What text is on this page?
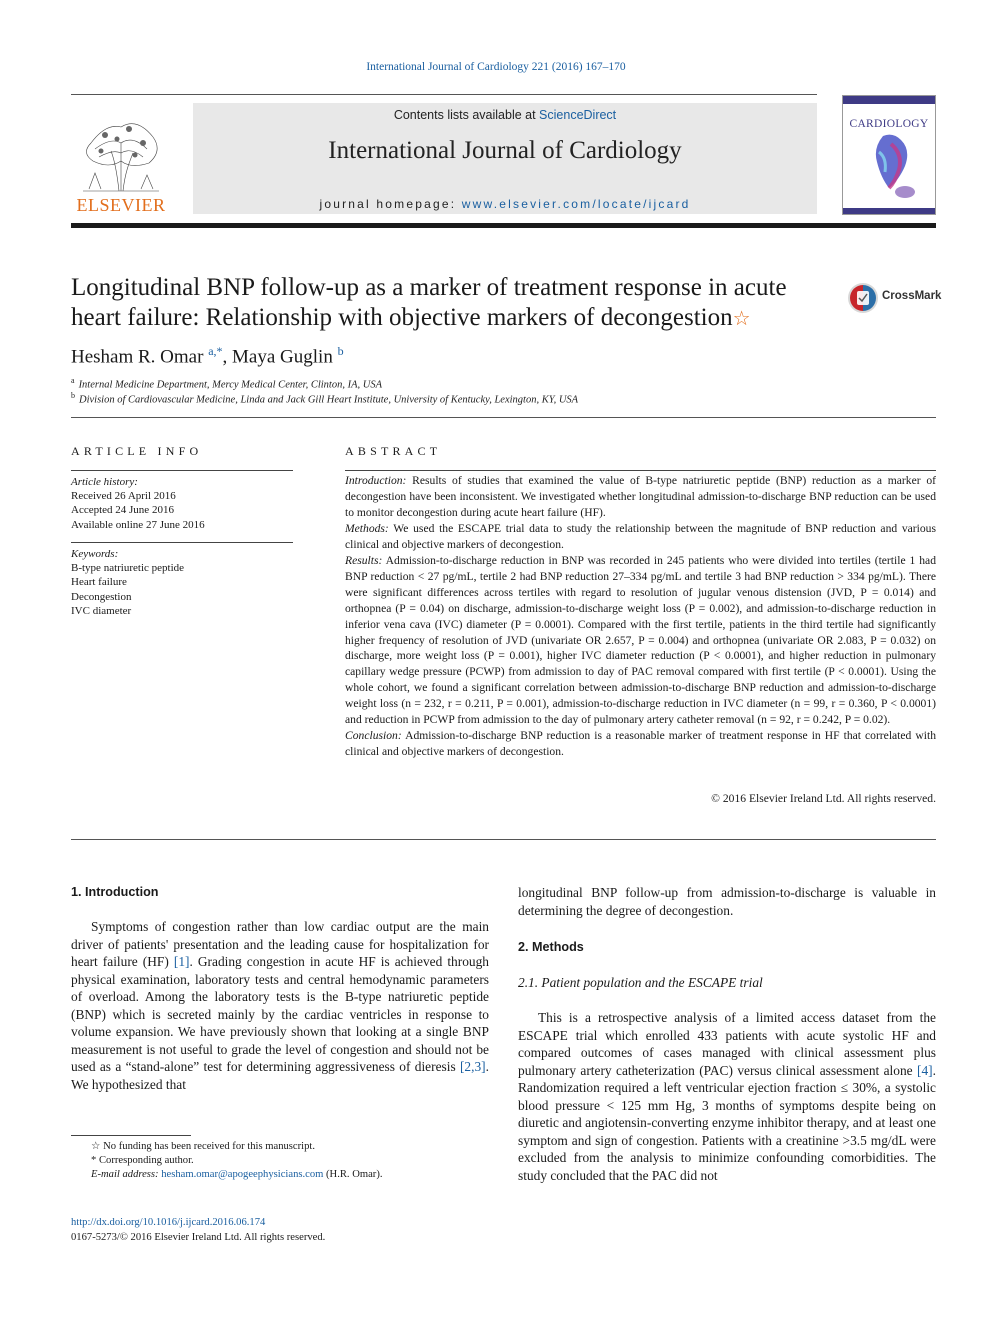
International Journal of Cardiology 221 (2016) 167–170
ELSEVIER
Contents lists available at ScienceDirect
International Journal of Cardiology
journal homepage: www.elsevier.com/locate/ijcard
CARDIOLOGY
Longitudinal BNP follow-up as a marker of treatment response in acute heart failure: Relationship with objective markers of decongestion☆
CrossMark
Hesham R. Omar $^{a,*}$, Maya Guglin $^b$
$^a$ Internal Medicine Department, Mercy Medical Center, Clinton, IA, USA
$^b$ Division of Cardiovascular Medicine, Linda and Jack Gill Heart Institute, University of Kentucky, Lexington, KY, USA
ARTICLE INFO
Article history:
Received 26 April 2016
Accepted 24 June 2016
Available online 27 June 2016
Keywords:
B-type natriuretic peptide
Heart failure
Decongestion
IVC diameter
ABSTRACT

Introduction: Results of studies that examined the value of B-type natriuretic peptide (BNP) reduction as a marker of decongestion have been inconsistent. We investigated whether longitudinal admission-to-discharge BNP reduction can be used to monitor decongestion during acute heart failure (HF).

Methods: We used the ESCAPE trial data to study the relationship between the magnitude of BNP reduction and various clinical and objective markers of decongestion.

Results: Admission-to-discharge reduction in BNP was recorded in 245 patients who were divided into tertiles (tertile 1 had BNP reduction < 27 pg/mL, tertile 2 had BNP reduction 27–334 pg/mL and tertile 3 had BNP reduction > 334 pg/mL). There were significant differences across tertiles with regard to resolution of jugular venous distension (JVD, P = 0.014) and orthopnea (P = 0.04) on discharge, admission-to-discharge weight loss (P = 0.002), and admission-to-discharge reduction in inferior vena cava (IVC) diameter (P = 0.0001). Compared with the first tertile, patients in the third tertile had significantly higher frequency of resolution of JVD (univariate OR 2.657, P = 0.004) and orthopnea (univariate OR 2.083, P = 0.032) on discharge, more weight loss (P = 0.001), higher IVC diameter reduction (P < 0.0001), and higher reduction in pulmonary capillary wedge pressure (PCWP) from admission to day of PAC removal compared with first tertile (P < 0.0001). Using the whole cohort, we found a significant correlation between admission-to-discharge BNP reduction and admission-to-discharge weight loss (n = 232, r = 0.211, P = 0.001), admission-to-discharge reduction in IVC diameter (n = 99, r = 0.360, P < 0.0001) and reduction in PCWP from admission to the day of pulmonary artery catheter removal (n = 92, r = 0.242, P = 0.02).

Conclusion: Admission-to-discharge BNP reduction is a reasonable marker of treatment response in HF that correlated with clinical and objective markers of decongestion.

© 2016 Elsevier Ireland Ltd. All rights reserved.
1. Introduction

Symptoms of congestion rather than low cardiac output are the main driver of patients' presentation and the leading cause for hospitalization for heart failure (HF) [1]. Grading congestion in acute HF is achieved through physical examination, laboratory tests and central hemodynamic parameters of overload. Among the laboratory tests is the B-type natriuretic peptide (BNP) which is secreted mainly by the cardiac ventricles in response to volume expansion. We have previously shown that looking at a single BNP measurement is not useful to grade the level of congestion and should not be used as a “stand-alone” test for determining aggressiveness of dieresis [2,3]. We hypothesized that

longitudinal BNP follow-up from admission-to-discharge is valuable in determining the degree of decongestion.

2. Methods
2.1. Patient population and the ESCAPE trial

This is a retrospective analysis of a limited access dataset from the ESCAPE trial which enrolled 433 patients with acute systolic HF and compared outcomes of cases managed with clinical assessment plus pulmonary artery catheterization (PAC) versus clinical assessment alone [4]. Randomization required a left ventricular ejection fraction ≤ 30%, a systolic blood pressure < 125 mm Hg, 3 months of symptoms despite being on diuretic and angiotensin-converting enzyme inhibitor therapy, and at least one symptom and sign of congestion. Patients with a creatinine >3.5 mg/dL were excluded from the analysis to minimize confounding comorbidities. The study concluded that the PAC did not

☆ No funding has been received for this manuscript.
* Corresponding author.
E-mail address: hesham.omar@apogeephysicians.com (H.R. Omar).
http://dx.doi.org/10.1016/j.ijcard.2016.06.174
0167-5273/© 2016 Elsevier Ireland Ltd. All rights reserved.
